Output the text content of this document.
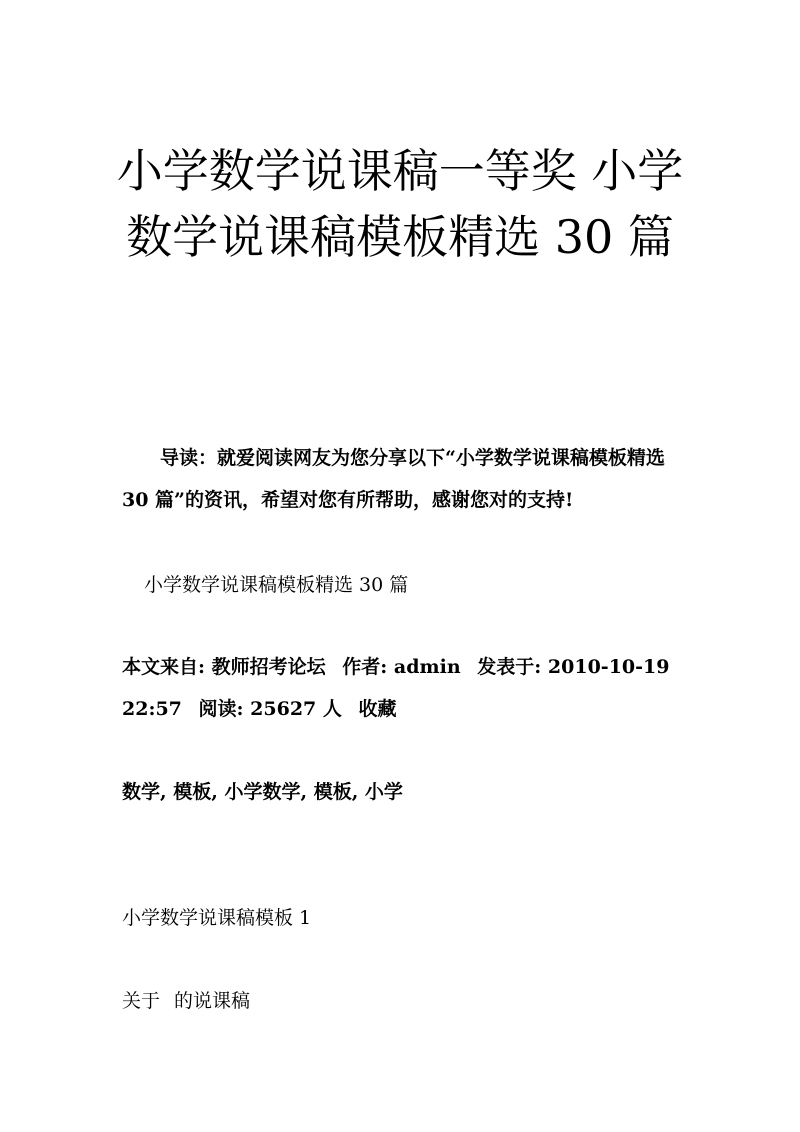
小学数学说课稿一等奖 小学数学说课稿模板精选 30 篇

导读：就爱阅读网友为您分享以下“小学数学说课稿模板精选 30 篇”的资讯，希望对您有所帮助，感谢您对的支持!

小学数学说课稿模板精选 30 篇

本文来自: 教师招考论坛 作者: admin 发表于: 2010-10-19 22:57 阅读: 25627 人 收藏

数学, 模板, 小学数学, 模板, 小学

小学数学说课稿模板 1

关于 的说课稿
